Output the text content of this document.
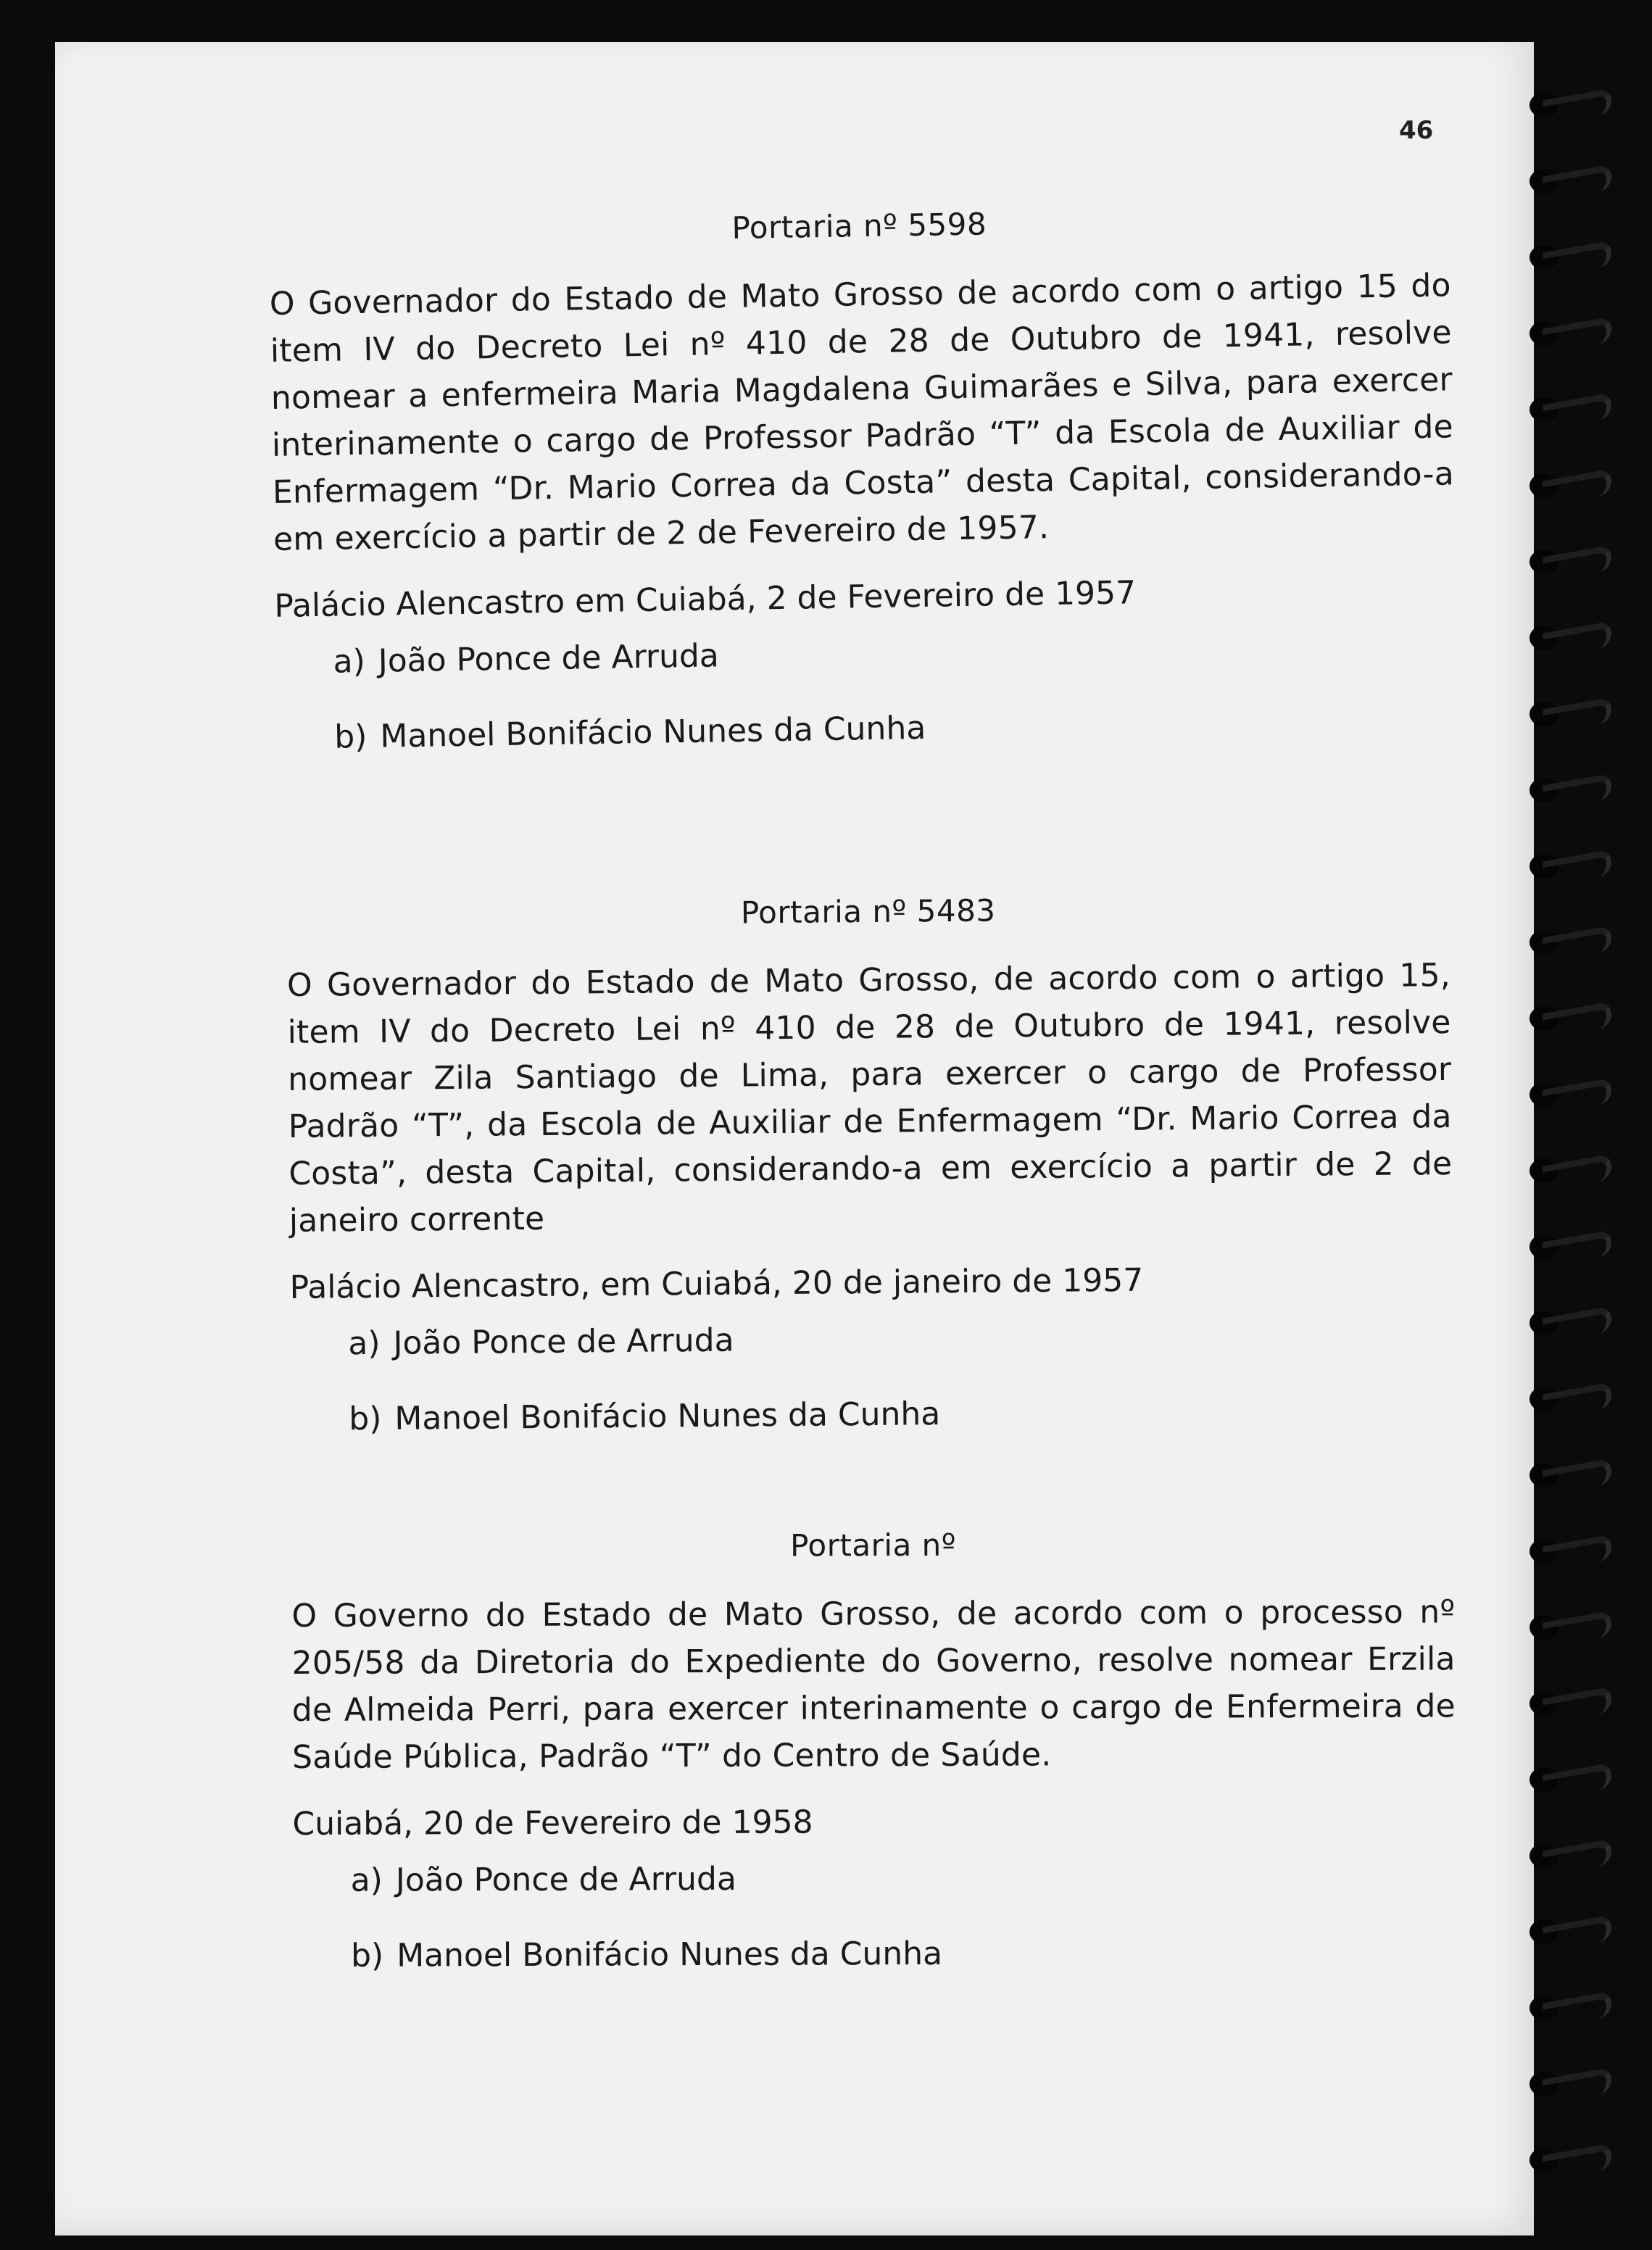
46
Portaria nº 5598

O Governador do Estado de Mato Grosso de acordo com o artigo 15 do item IV do Decreto Lei nº 410 de 28 de Outubro de 1941, resolve nomear a enfermeira Maria Magdalena Guimarães e Silva, para exercer interinamente o cargo de Professor Padrão “T” da Escola de Auxiliar de Enfermagem “Dr. Mario Correa da Costa” desta Capital, considerando-a em exercício a partir de 2 de Fevereiro de 1957.

Palácio Alencastro em Cuiabá, 2 de Fevereiro de 1957
a) João Ponce de Arruda
b) Manoel Bonifácio Nunes da Cunha
Portaria nº 5483

O Governador do Estado de Mato Grosso, de acordo com o artigo 15, item IV do Decreto Lei nº 410 de 28 de Outubro de 1941, resolve nomear Zila Santiago de Lima, para exercer o cargo de Professor Padrão “T”, da Escola de Auxiliar de Enfermagem “Dr. Mario Correa da Costa”, desta Capital, considerando-a em exercício a partir de 2 de janeiro corrente

Palácio Alencastro, em Cuiabá, 20 de janeiro de 1957
a) João Ponce de Arruda
b) Manoel Bonifácio Nunes da Cunha
Portaria nº

O Governo do Estado de Mato Grosso, de acordo com o processo nº 205/58 da Diretoria do Expediente do Governo, resolve nomear Erzila de Almeida Perri, para exercer interinamente o cargo de Enfermeira de Saúde Pública, Padrão “T” do Centro de Saúde.

Cuiabá, 20 de Fevereiro de 1958
a) João Ponce de Arruda
b) Manoel Bonifácio Nunes da Cunha
